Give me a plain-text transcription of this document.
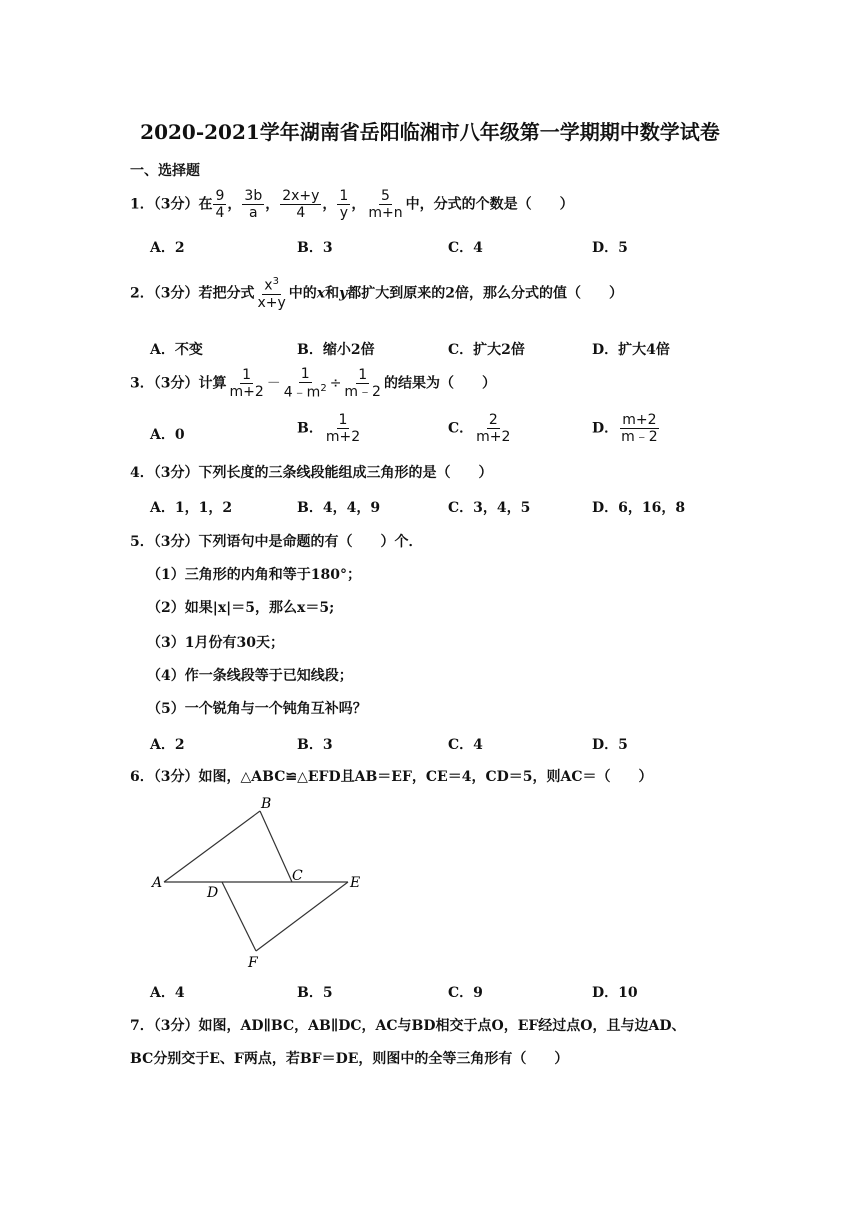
2020-2021学年湖南省岳阳临湘市八年级第一学期期中数学试卷
一、选择题
1．（3分）在 $\frac{9}{4}$ ， $\frac{3b}{a}$ ， $\frac{2x+y}{4}$ ， $\frac{1}{y}$ ， $\frac{5}{m+n}$ 中，分式的个数是（　　）
A．2	B．3	C．4	D．5
2．（3分）若把分式 $\frac{x^3}{x+y}$ 中的x和y都扩大到原来的2倍，那么分式的值（　　）
A．不变	B．缩小2倍	C．扩大2倍	D．扩大4倍
3．（3分）计算 $\frac{1}{m+2} - \frac{1}{4﹣m^2} \div \frac{1}{m﹣2}$ 的结果为（　　）
A．0	B． $\frac{1}{m+2}$	C． $\frac{2}{m+2}$	D． $\frac{m+2}{m﹣2}$
4．（3分）下列长度的三条线段能组成三角形的是（　　）
A．1，1，2	B．4，4，9	C．3，4，5	D．6，16，8
5．（3分）下列语句中是命题的有（　　）个．
（1）三角形的内角和等于180°；
（2）如果|x|＝5，那么x＝5;
（3）1月份有30天；
（4）作一条线段等于已知线段；
（5）一个锐角与一个钝角互补吗？
A．2	B．3	C．4	D．5
6．（3分）如图，△ABC≌△EFD且AB＝EF，CE＝4，CD＝5，则AC＝（　　）
A
B
C
D
E
F
A．4	B．5	C．9	D．10
7．（3分）如图，AD∥BC，AB∥DC，AC与BD相交于点O，EF经过点O，且与边AD、
BC分别交于E、F两点，若BF＝DE，则图中的全等三角形有（　　）
